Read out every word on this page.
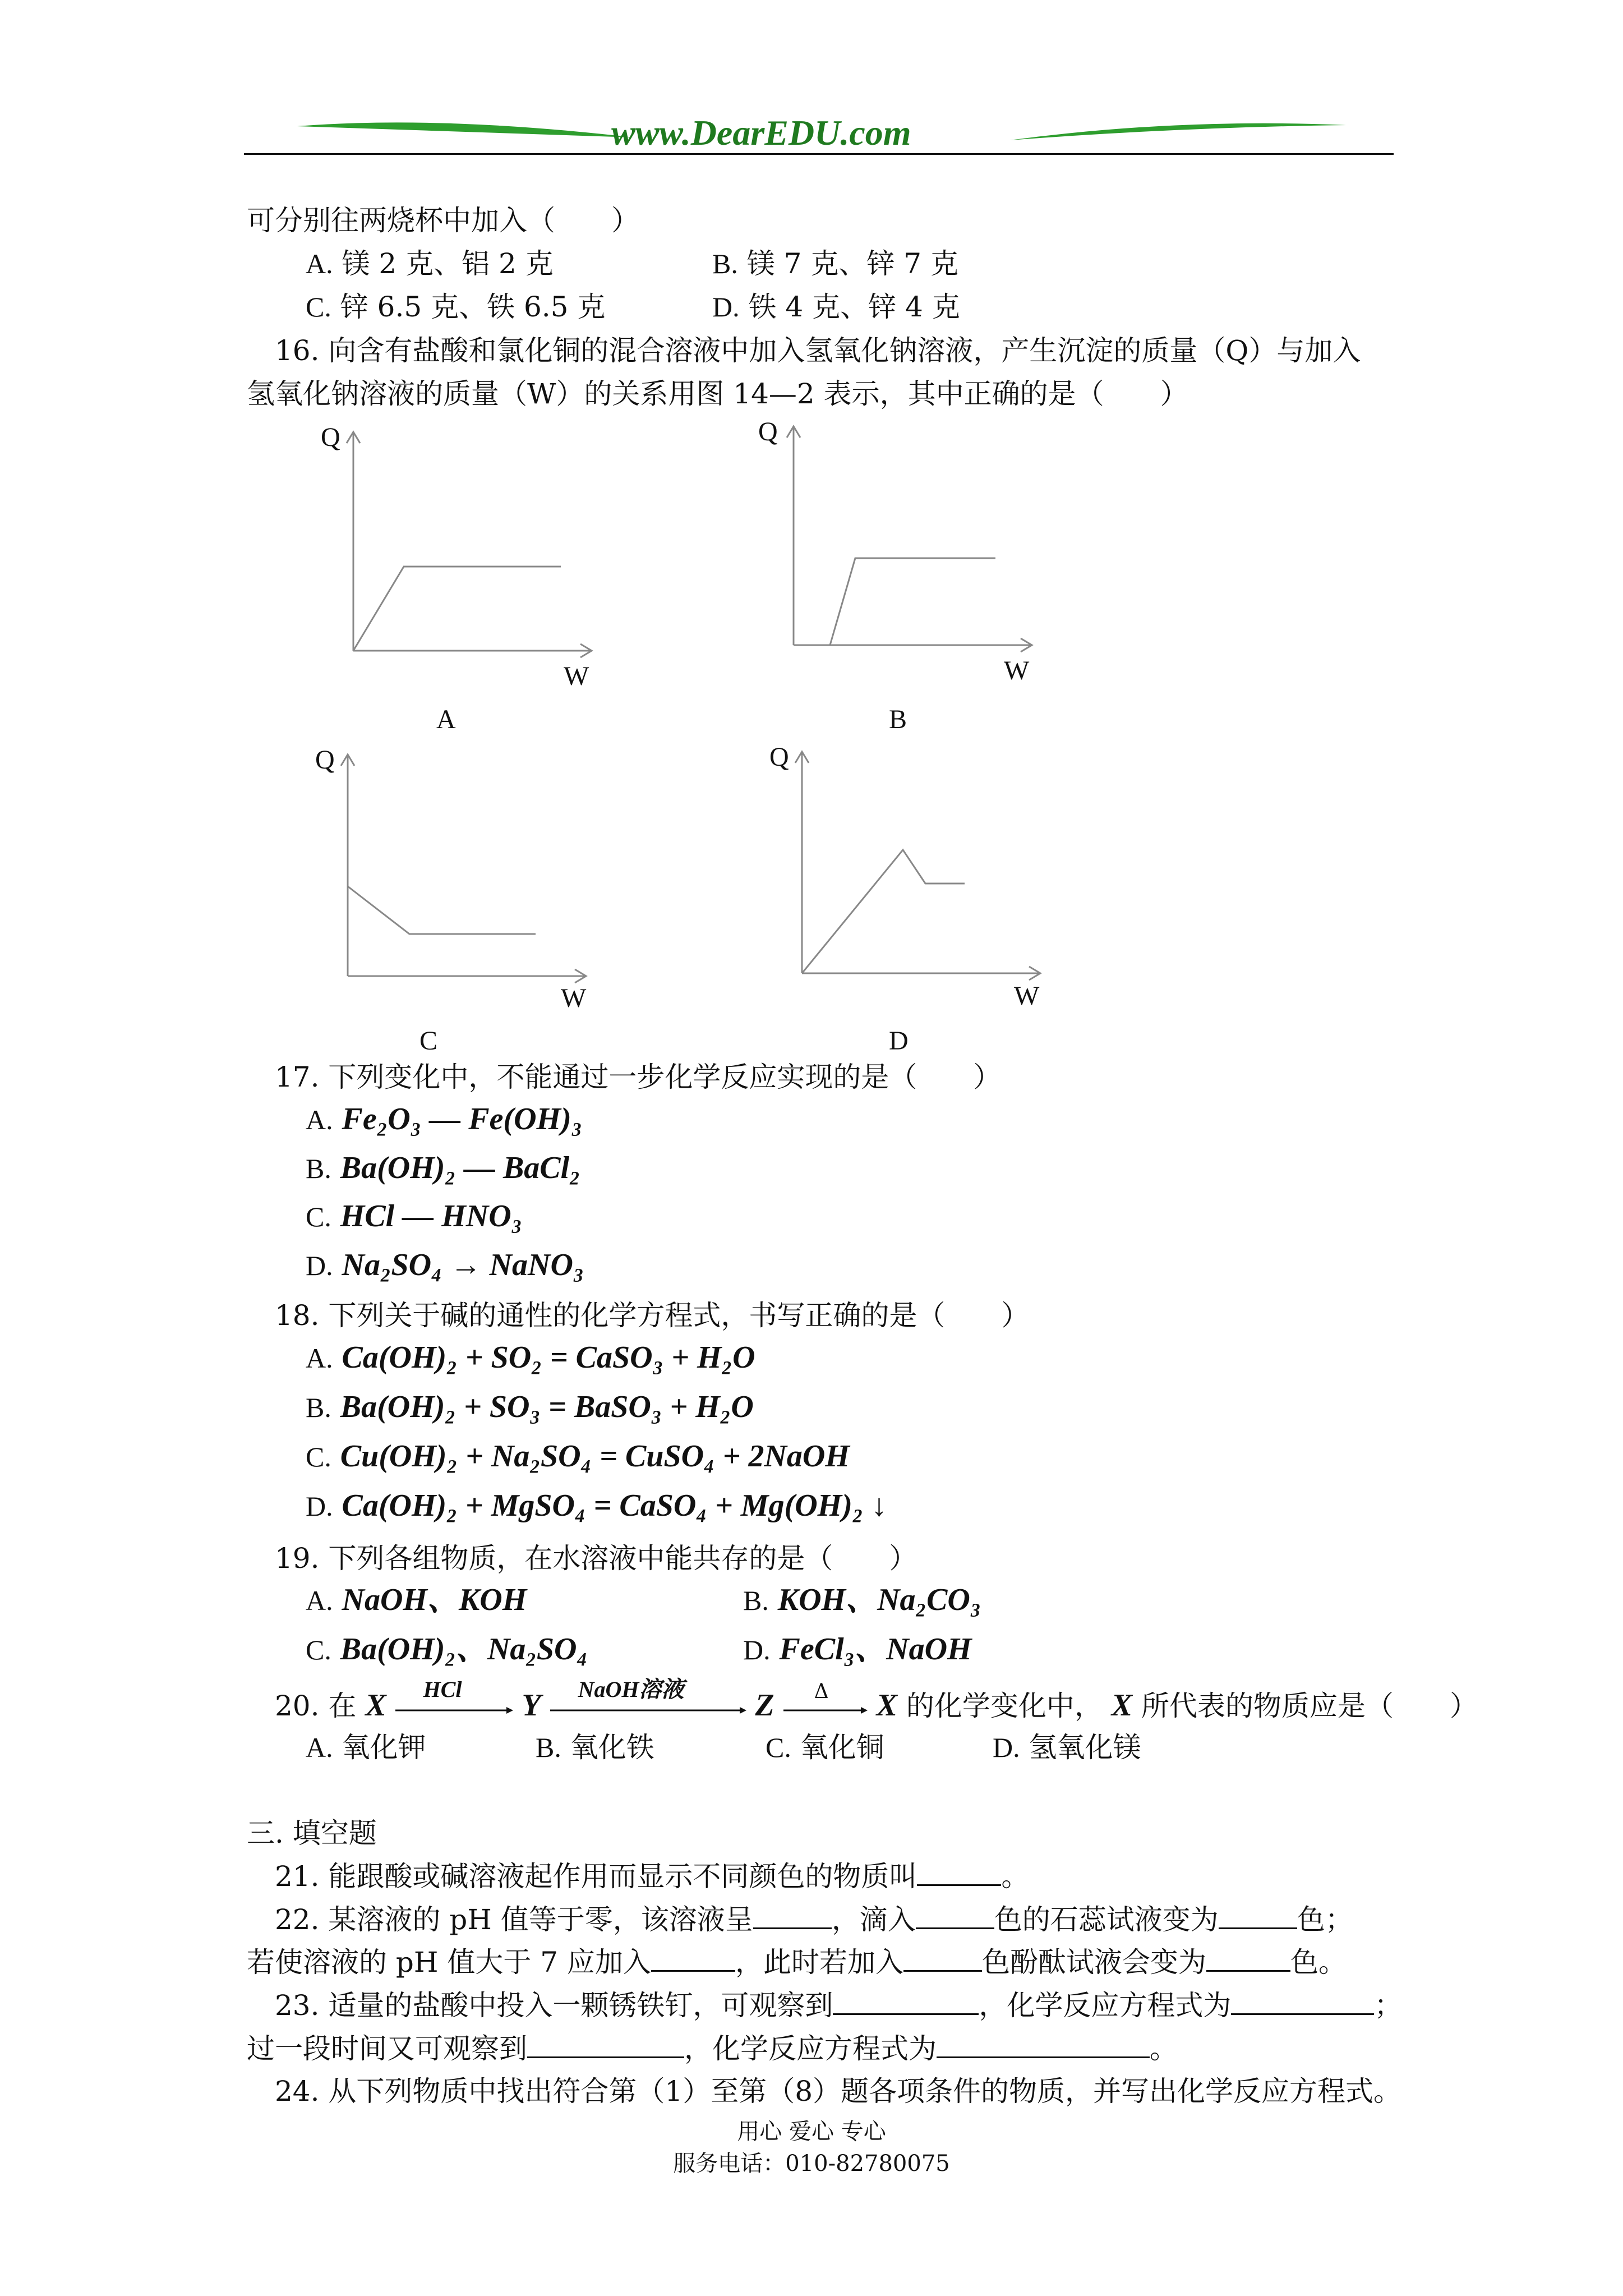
www.DearEDU.com
可分别往两烧杯中加入（　　）
A. 镁 2 克、铝 2 克	B. 镁 7 克、锌 7 克
C. 锌 6.5 克、铁 6.5 克	D. 铁 4 克、锌 4 克
16. 向含有盐酸和氯化铜的混合溶液中加入氢氧化钠溶液，产生沉淀的质量（Q）与加入
氢氧化钠溶液的质量（W）的关系用图 14—2 表示，其中正确的是（　　）
Q
W
A
Q
W
B
Q
W
C
Q
W
D
17. 下列变化中，不能通过一步化学反应实现的是（　　）
A. Fe₂O₃ — Fe(OH)₃
B. Ba(OH)₂ — BaCl₂
C. HCl — HNO₃
D. Na₂SO₄ → NaNO₃
18. 下列关于碱的通性的化学方程式，书写正确的是（　　）
A. Ca(OH)₂ + SO₂ = CaSO₃ + H₂O
B. Ba(OH)₂ + SO₃ = BaSO₃ + H₂O
C. Cu(OH)₂ + Na₂SO₄ = CuSO₄ + 2NaOH
D. Ca(OH)₂ + MgSO₄ = CaSO₄ + Mg(OH)₂ ↓
19. 下列各组物质，在水溶液中能共存的是（　　）
A. NaOH、KOH	B. KOH、Na₂CO₃
C. Ba(OH)₂、Na₂SO₄	D. FeCl₃、NaOH
20. 在 X HCl Y NaOH溶液 Z Δ X 的化学变化中， X 所代表的物质应是（　　）
A. 氧化钾	B. 氧化铁	C. 氧化铜	D. 氢氧化镁
三. 填空题
21. 能跟酸或碱溶液起作用而显示不同颜色的物质叫	。
22. 某溶液的 pH 值等于零，该溶液呈	，滴入	色的石蕊试液变为	色；
若使溶液的 pH 值大于 7 应加入	，此时若加入	色酚酞试液会变为	色。
23. 适量的盐酸中投入一颗锈铁钉，可观察到	，化学反应方程式为	；
过一段时间又可观察到	，化学反应方程式为	。
24. 从下列物质中找出符合第（1）至第（8）题各项条件的物质，并写出化学反应方程式。
用心 爱心 专心
服务电话：010-82780075
